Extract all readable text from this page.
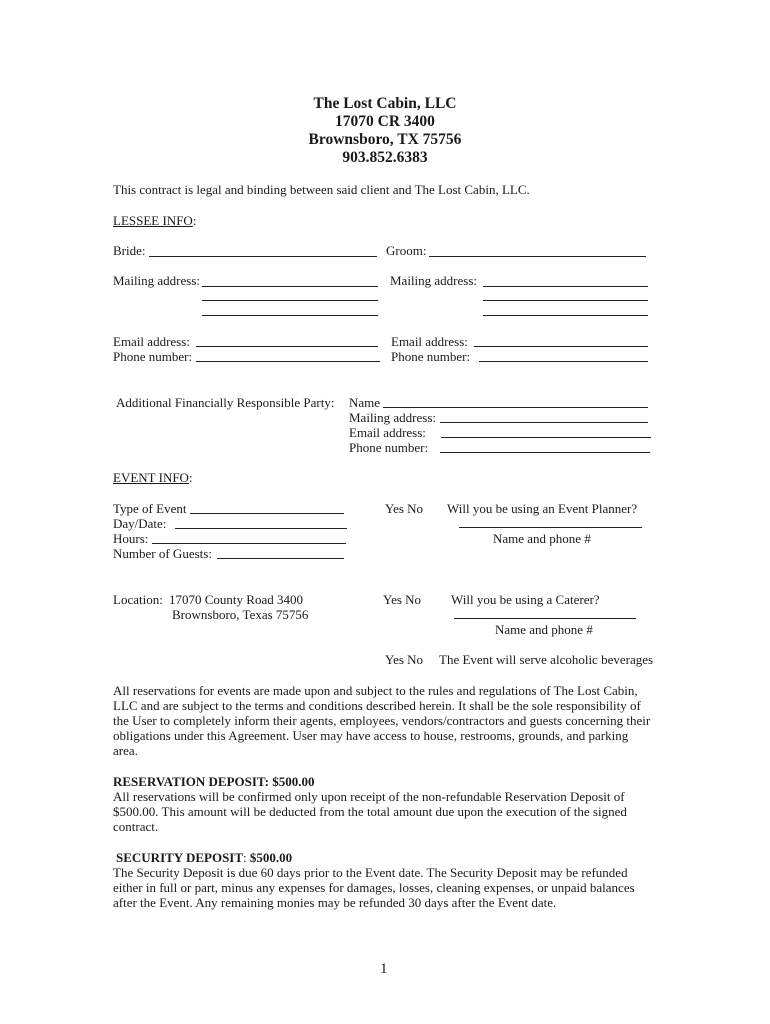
The Lost Cabin, LLC
17070 CR 3400
Brownsboro, TX 75756
903.852.6383
This contract is legal and binding between said client and The Lost Cabin, LLC.
LESSEE INFO:
Bride:	Groom:
Mailing address:	Mailing address:
Email address:
Phone number:
Email address:
Phone number:
Additional Financially Responsible Party: Name
Mailing address:
Email address:
Phone number:
EVENT INFO:
Type of Event
Day/Date:
Hours:
Number of Guests:
Yes No Will you be using an Event Planner?
Name and phone #
Location: 17070 County Road 3400
Brownsboro, Texas 75756
Yes No Will you be using a Caterer?
Name and phone #
Yes No The Event will serve alcoholic beverages
All reservations for events are made upon and subject to the rules and regulations of The Lost Cabin, LLC and are subject to the terms and conditions described herein. It shall be the sole responsibility of the User to completely inform their agents, employees, vendors/contractors and guests concerning their obligations under this Agreement. User may have access to house, restrooms, grounds, and parking area.
RESERVATION DEPOSIT: $500.00
All reservations will be confirmed only upon receipt of the non-refundable Reservation Deposit of $500.00. This amount will be deducted from the total amount due upon the execution of the signed contract.
SECURITY DEPOSIT: $500.00
The Security Deposit is due 60 days prior to the Event date. The Security Deposit may be refunded either in full or part, minus any expenses for damages, losses, cleaning expenses, or unpaid balances after the Event. Any remaining monies may be refunded 30 days after the Event date.
1
